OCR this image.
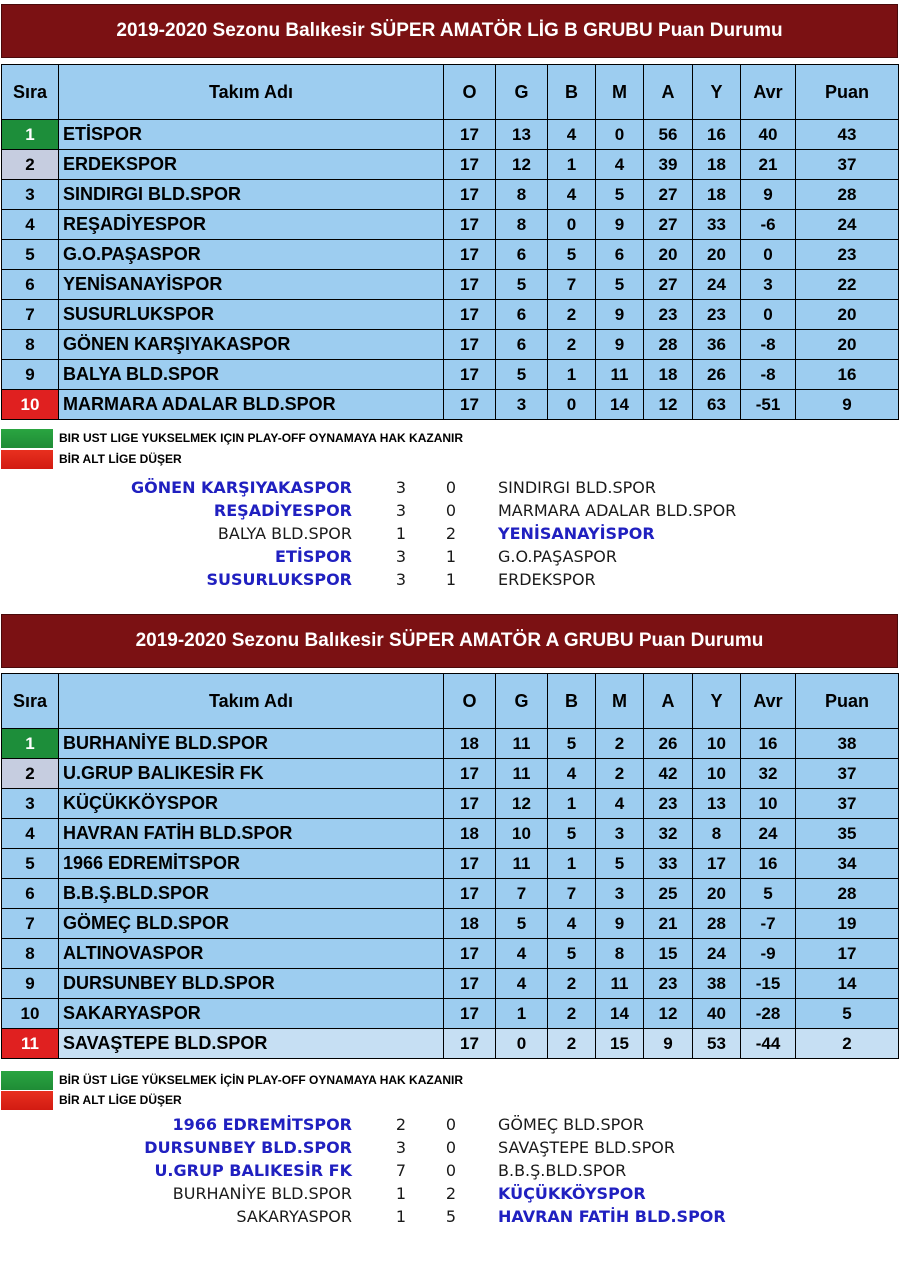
2019-2020 Sezonu Balıkesir SÜPER AMATÖR LİG B GRUBU Puan Durumu
Sıra	Takım Adı	O	G	B	M	A	Y	Avr	Puan
1	ETİSPOR	17	13	4	0	56	16	40	43
2	ERDEKSPOR	17	12	1	4	39	18	21	37
3	SINDIRGI BLD.SPOR	17	8	4	5	27	18	9	28
4	REŞADİYESPOR	17	8	0	9	27	33	-6	24
5	G.O.PAŞASPOR	17	6	5	6	20	20	0	23
6	YENİSANAYİSPOR	17	5	7	5	27	24	3	22
7	SUSURLUKSPOR	17	6	2	9	23	23	0	20
8	GÖNEN KARŞIYAKASPOR	17	6	2	9	28	36	-8	20
9	BALYA BLD.SPOR	17	5	1	11	18	26	-8	16
10	MARMARA ADALAR BLD.SPOR	17	3	0	14	12	63	-51	9
BIR UST LIGE YUKSELMEK IÇIN PLAY-OFF OYNAMAYA HAK KAZANIR
BİR ALT LİGE DÜŞER
GÖNEN KARŞIYAKASPOR	3 0	SINDIRGI BLD.SPOR
REŞADİYESPOR	3 0	MARMARA ADALAR BLD.SPOR
BALYA BLD.SPOR	1 2	YENİSANAYİSPOR
ETİSPOR	3 1	G.O.PAŞASPOR
SUSURLUKSPOR	3 1	ERDEKSPOR
2019-2020 Sezonu Balıkesir SÜPER AMATÖR A GRUBU Puan Durumu
Sıra	Takım Adı	O	G	B	M	A	Y	Avr	Puan
1	BURHANİYE BLD.SPOR	18	11	5	2	26	10	16	38
2	U.GRUP BALIKESİR FK	17	11	4	2	42	10	32	37
3	KÜÇÜKKÖYSPOR	17	12	1	4	23	13	10	37
4	HAVRAN FATİH BLD.SPOR	18	10	5	3	32	8	24	35
5	1966 EDREMİTSPOR	17	11	1	5	33	17	16	34
6	B.B.Ş.BLD.SPOR	17	7	7	3	25	20	5	28
7	GÖMEÇ BLD.SPOR	18	5	4	9	21	28	-7	19
8	ALTINOVASPOR	17	4	5	8	15	24	-9	17
9	DURSUNBEY BLD.SPOR	17	4	2	11	23	38	-15	14
10	SAKARYASPOR	17	1	2	14	12	40	-28	5
11	SAVAŞTEPE BLD.SPOR	17	0	2	15	9	53	-44	2
BİR ÜST LİGE YÜKSELMEK İÇİN PLAY-OFF OYNAMAYA HAK KAZANIR
BİR ALT LİGE DÜŞER
1966 EDREMİTSPOR	2 0	GÖMEÇ BLD.SPOR
DURSUNBEY BLD.SPOR	3 0	SAVAŞTEPE BLD.SPOR
U.GRUP BALIKESİR FK	7 0	B.B.Ş.BLD.SPOR
BURHANİYE BLD.SPOR	1 2	KÜÇÜKKÖYSPOR
SAKARYASPOR	1 5	HAVRAN FATİH BLD.SPOR
